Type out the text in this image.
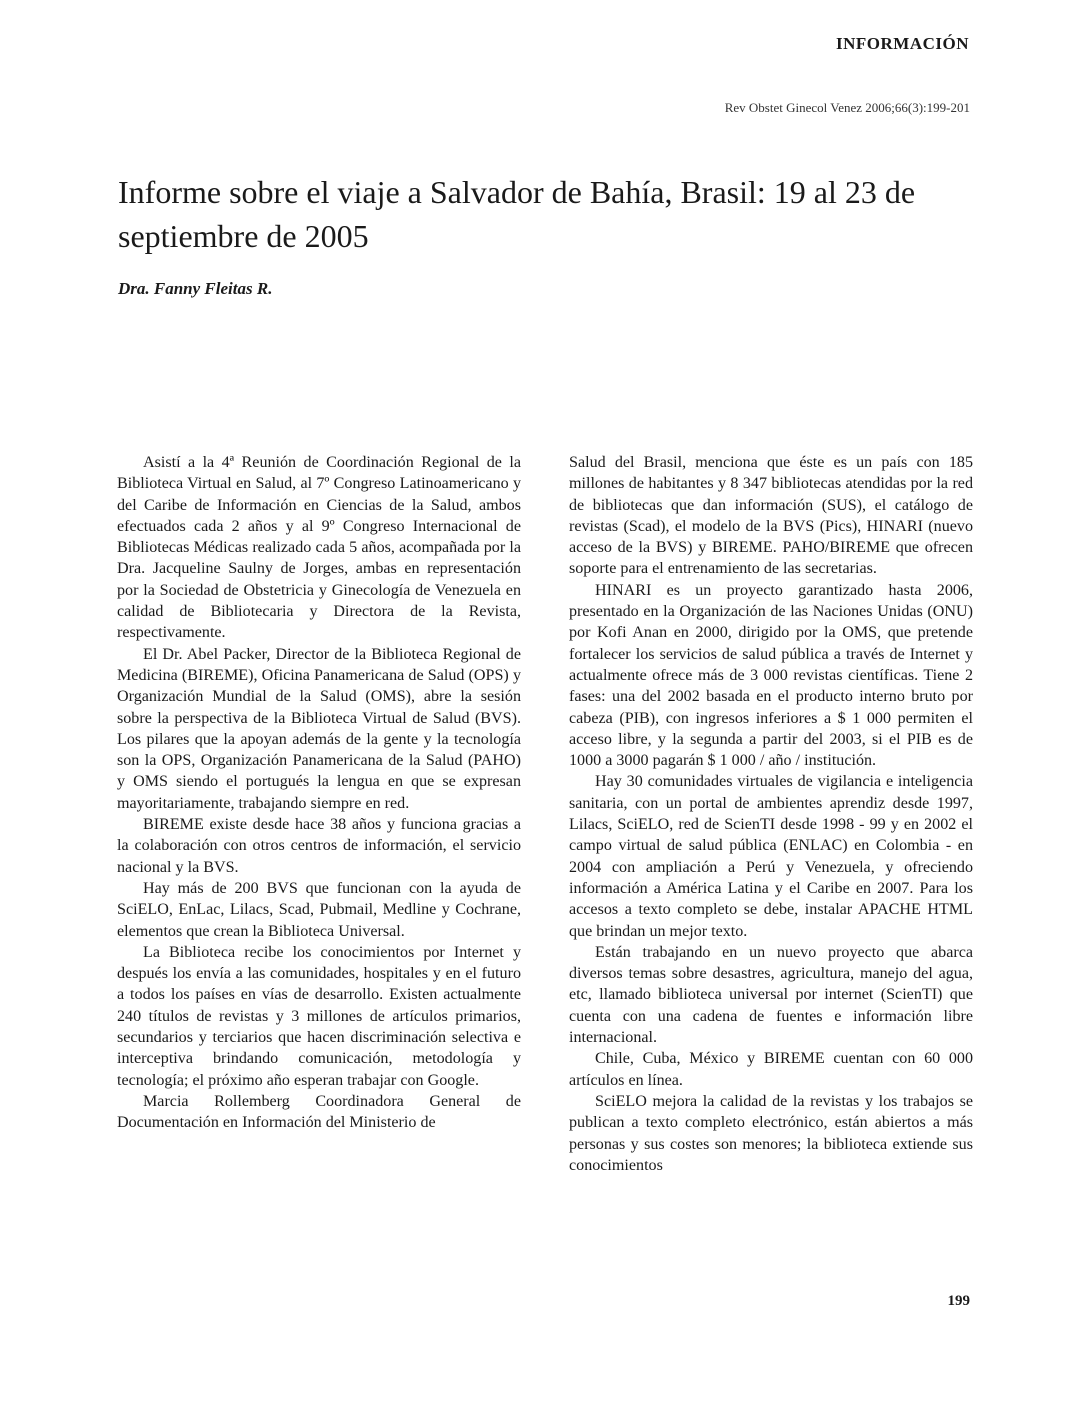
INFORMACIÓN
Rev Obstet Ginecol Venez 2006;66(3):199-201
Informe sobre el viaje a Salvador de Bahía, Brasil: 19 al 23 de septiembre de 2005
Dra. Fanny Fleitas R.

Asistí a la 4ª Reunión de Coordinación Regional de la Biblioteca Virtual en Salud, al 7º Congreso Latinoamericano y del Caribe de Información en Ciencias de la Salud, ambos efectuados cada 2 años y al 9º Congreso Internacional de Bibliotecas Médicas realizado cada 5 años, acompañada por la Dra. Jacqueline Saulny de Jorges, ambas en representación por la Sociedad de Obstetricia y Ginecología de Venezuela en calidad de Bibliotecaria y Directora de la Revista, respectivamente.

El Dr. Abel Packer, Director de la Biblioteca Regional de Medicina (BIREME), Oficina Panamericana de Salud (OPS) y Organización Mundial de la Salud (OMS), abre la sesión sobre la perspectiva de la Biblioteca Virtual de Salud (BVS). Los pilares que la apoyan además de la gente y la tecnología son la OPS, Organización Panamericana de la Salud (PAHO) y OMS siendo el portugués la lengua en que se expresan mayoritariamente, trabajando siempre en red.

BIREME existe desde hace 38 años y funciona gracias a la colaboración con otros centros de información, el servicio nacional y la BVS.

Hay más de 200 BVS que funcionan con la ayuda de SciELO, EnLac, Lilacs, Scad, Pubmail, Medline y Cochrane, elementos que crean la Biblioteca Universal.

La Biblioteca recibe los conocimientos por Internet y después los envía a las comunidades, hospitales y en el futuro a todos los países en vías de desarrollo. Existen actualmente 240 títulos de revistas y 3 millones de artículos primarios, secundarios y terciarios que hacen discriminación selectiva e interceptiva brindando comunicación, metodología y tecnología; el próximo año esperan trabajar con Google.

Marcia Rollemberg Coordinadora General de Documentación en Información del Ministerio de

Salud del Brasil, menciona que éste es un país con 185 millones de habitantes y 8 347 bibliotecas atendidas por la red de bibliotecas que dan información (SUS), el catálogo de revistas (Scad), el modelo de la BVS (Pics), HINARI (nuevo acceso de la BVS) y BIREME. PAHO/BIREME que ofrecen soporte para el entrenamiento de las secretarias.

HINARI es un proyecto garantizado hasta 2006, presentado en la Organización de las Naciones Unidas (ONU) por Kofi Anan en 2000, dirigido por la OMS, que pretende fortalecer los servicios de salud pública a través de Internet y actualmente ofrece más de 3 000 revistas científicas. Tiene 2 fases: una del 2002 basada en el producto interno bruto por cabeza (PIB), con ingresos inferiores a $ 1 000 permiten el acceso libre, y la segunda a partir del 2003, si el PIB es de 1000 a 3000 pagarán $ 1 000 / año / institución.

Hay 30 comunidades virtuales de vigilancia e inteligencia sanitaria, con un portal de ambientes aprendiz desde 1997, Lilacs, SciELO, red de ScienTI desde 1998 - 99 y en 2002 el campo virtual de salud pública (ENLAC) en Colombia - en 2004 con ampliación a Perú y Venezuela, y ofreciendo información a América Latina y el Caribe en 2007. Para los accesos a texto completo se debe, instalar APACHE HTML que brindan un mejor texto.

Están trabajando en un nuevo proyecto que abarca diversos temas sobre desastres, agricultura, manejo del agua, etc, llamado biblioteca universal por internet (ScienTI) que cuenta con una cadena de fuentes e información libre internacional.

Chile, Cuba, México y BIREME cuentan con 60 000 artículos en línea.

SciELO mejora la calidad de la revistas y los trabajos se publican a texto completo electrónico, están abiertos a más personas y sus costes son menores; la biblioteca extiende sus conocimientos

199
